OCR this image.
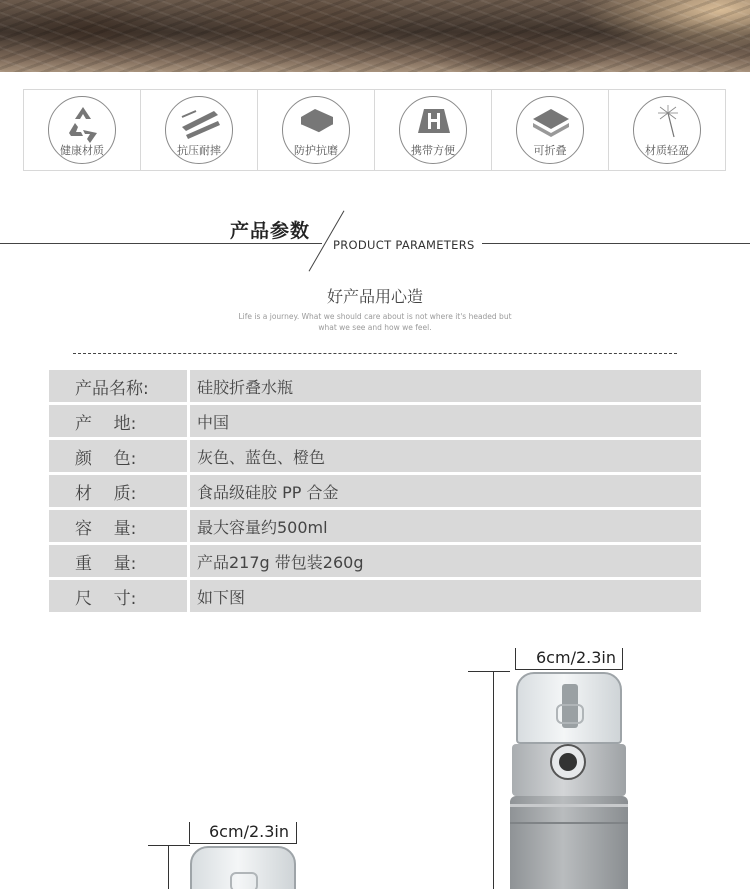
健康材质	抗压耐摔	防护抗磨	携带方便	可折叠	材质轻盈
产品参数
PRODUCT PARAMETERS
好产品用心造
Life is a journey. What we should care about is not where it's headed but what we see and how we feel.
产品名称:	硅胶折叠水瓶
产    地:	中国
颜    色:	灰色、蓝色、橙色
材    质:	食品级硅胶 PP 合金
容    量:	最大容量约500ml
重    量:	产品217g 带包装260g
尺    寸:	如下图
6cm/2.3in
6cm/2.3in
